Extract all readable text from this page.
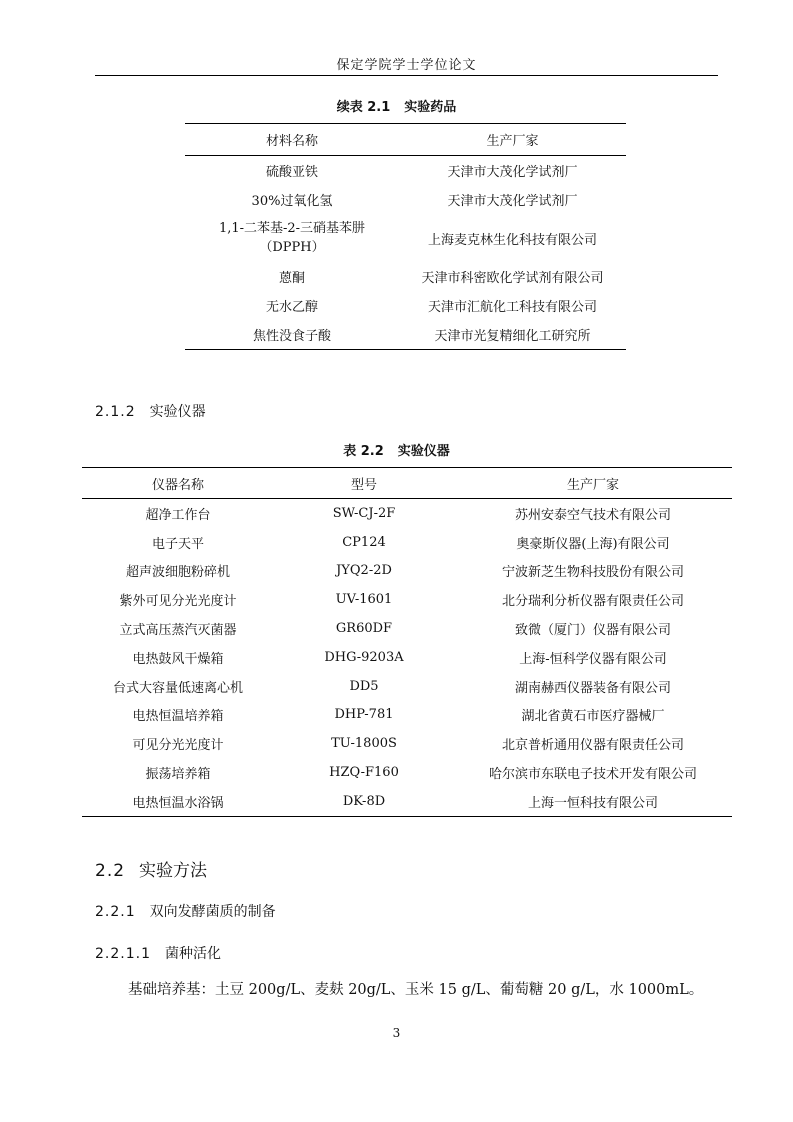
保定学院学士学位论文
续表 2.1 实验药品
材料名称	生产厂家
硫酸亚铁	天津市大茂化学试剂厂
30%过氧化氢	天津市大茂化学试剂厂
1,1-二苯基-2-三硝基苯肼
（DPPH）	上海麦克林生化科技有限公司
蒽酮	天津市科密欧化学试剂有限公司
无水乙醇	天津市汇航化工科技有限公司
焦性没食子酸	天津市光复精细化工研究所
2.1.2 实验仪器
表 2.2 实验仪器
仪器名称	型号	生产厂家
超净工作台	SW-CJ-2F	苏州安泰空气技术有限公司
电子天平	CP124	奥豪斯仪器(上海)有限公司
超声波细胞粉碎机	JYQ2-2D	宁波新芝生物科技股份有限公司
紫外可见分光光度计	UV-1601	北分瑞利分析仪器有限责任公司
立式高压蒸汽灭菌器	GR60DF	致微（厦门）仪器有限公司
电热鼓风干燥箱	DHG-9203A	上海-恒科学仪器有限公司
台式大容量低速离心机	DD5	湖南赫西仪器装备有限公司
电热恒温培养箱	DHP-781	湖北省黄石市医疗器械厂
可见分光光度计	TU-1800S	北京普析通用仪器有限责任公司
振荡培养箱	HZQ-F160	哈尔滨市东联电子技术开发有限公司
电热恒温水浴锅	DK-8D	上海一恒科技有限公司
2.2 实验方法
2.2.1 双向发酵菌质的制备
2.2.1.1 菌种活化
基础培养基：土豆 200g/L、麦麸 20g/L、玉米 15 g/L、葡萄糖 20 g/L，水 1000mL。
3
